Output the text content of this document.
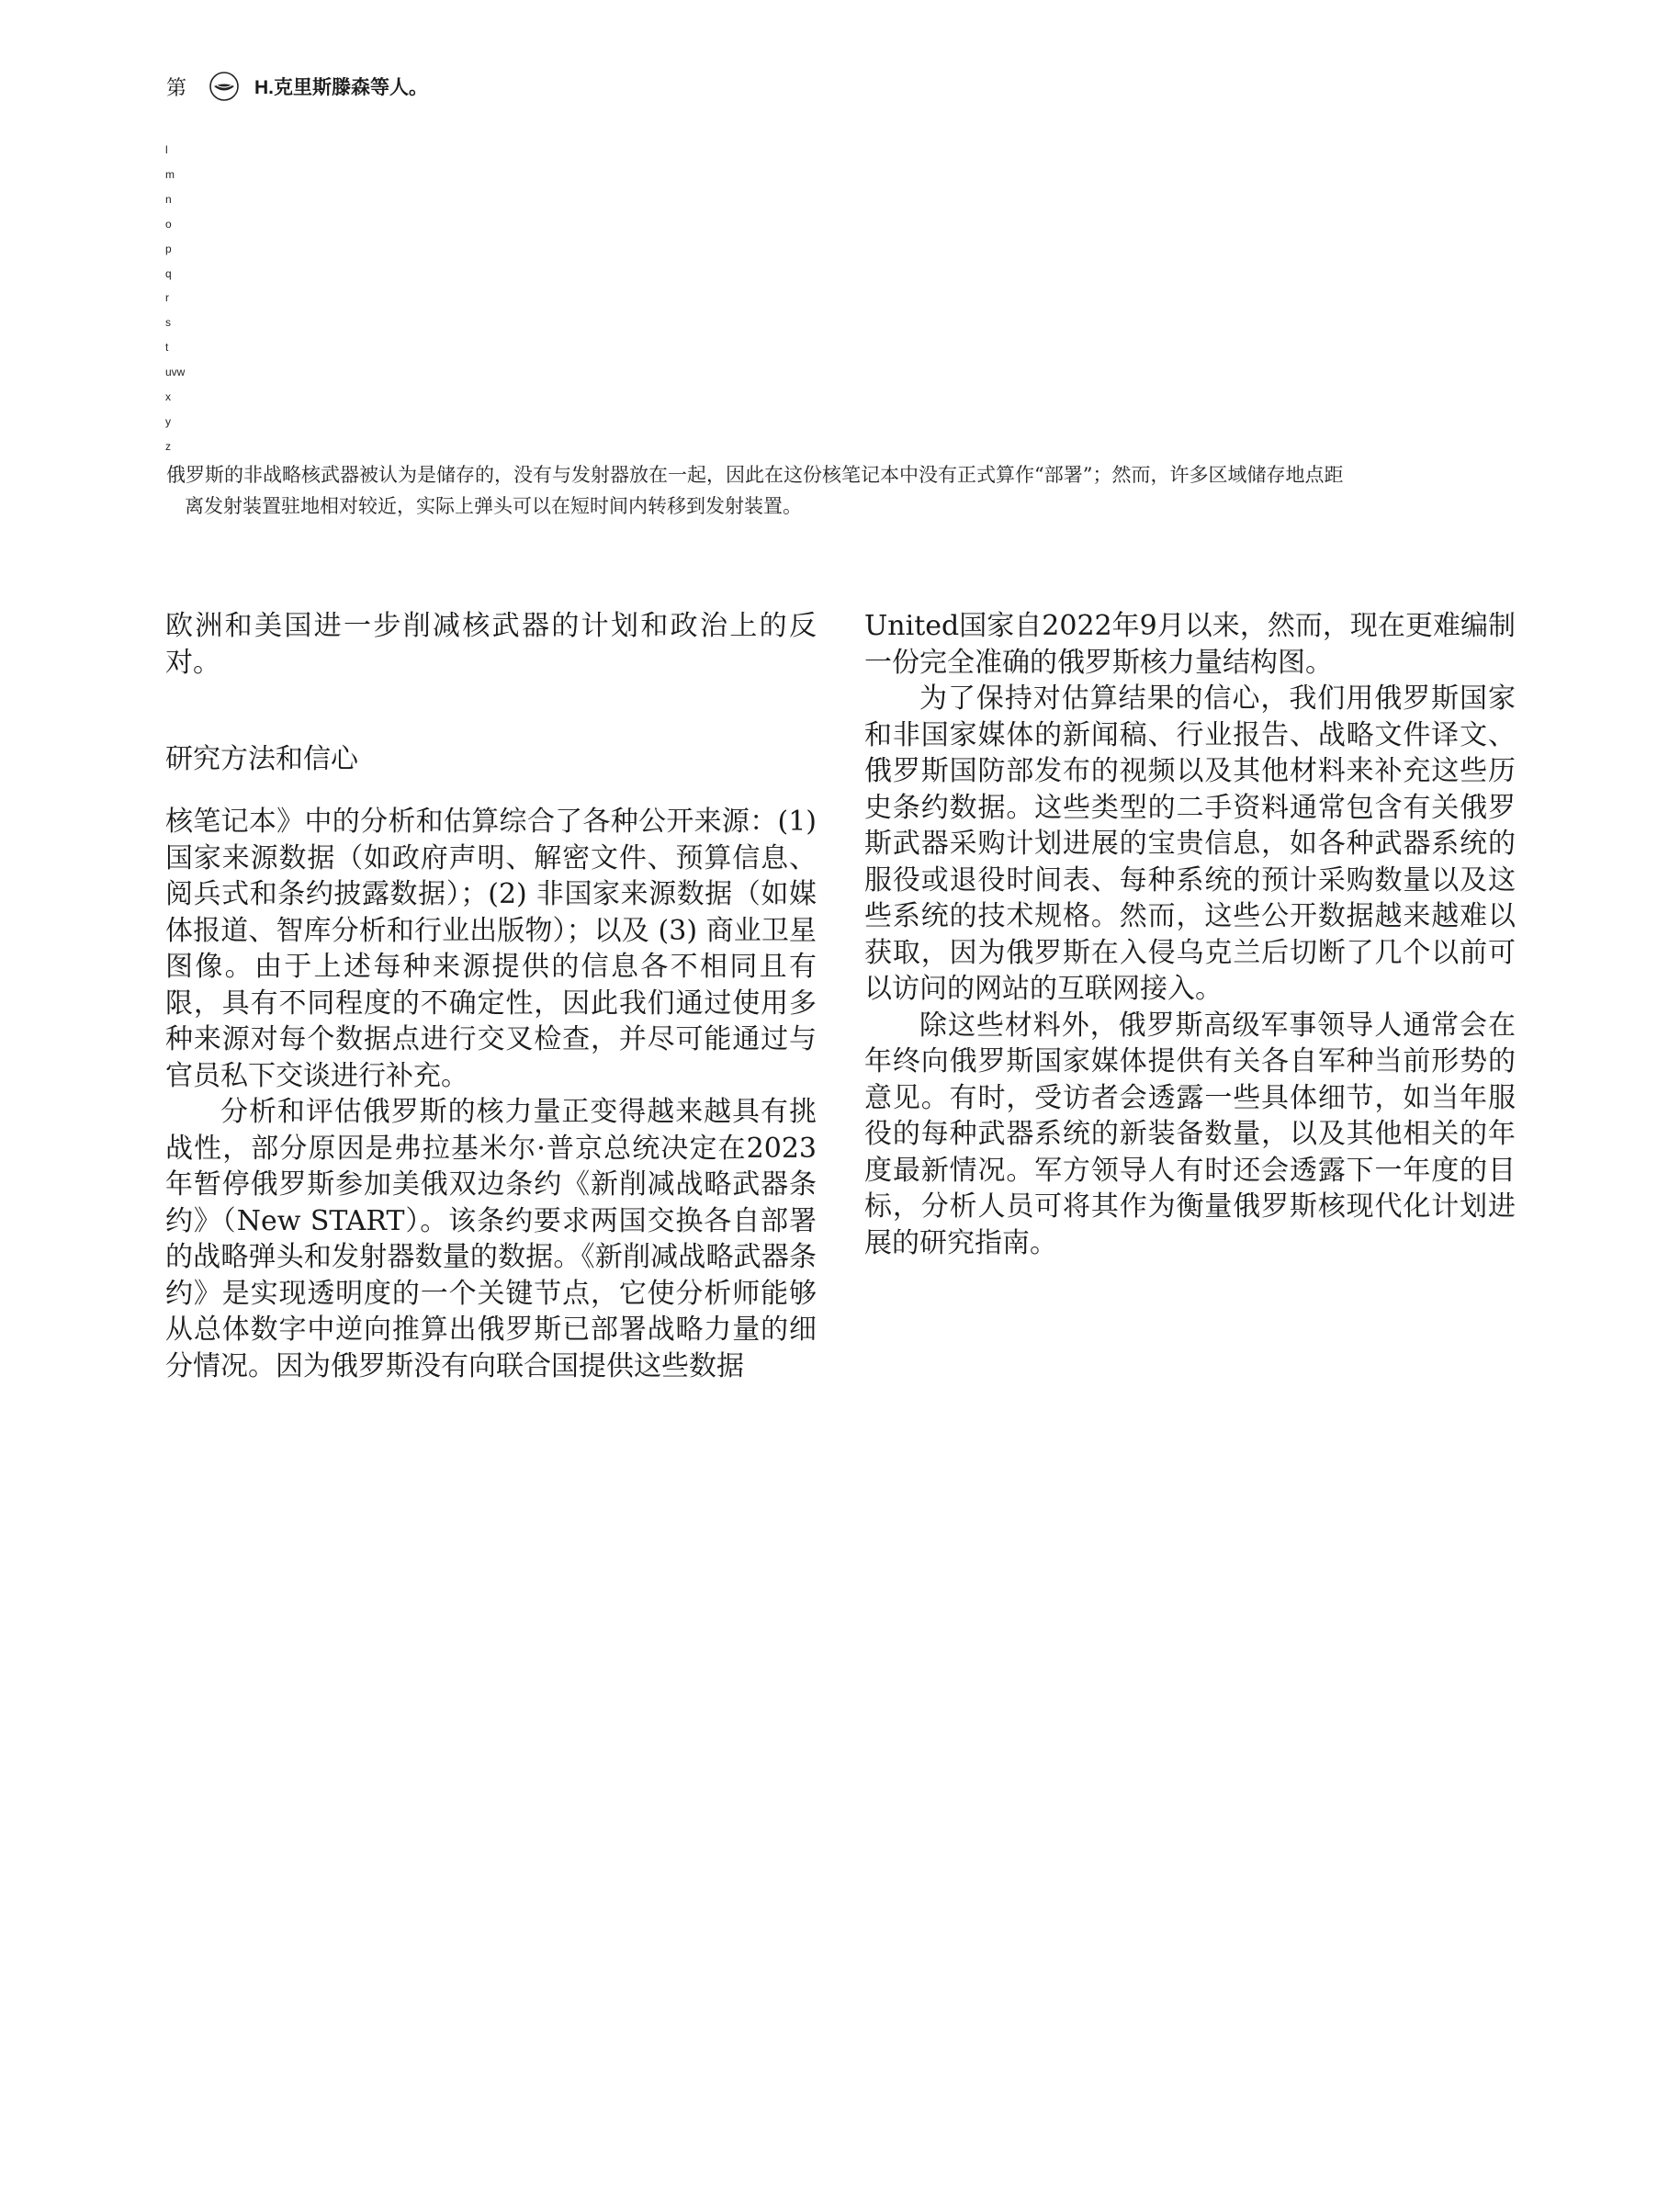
第	H.克里斯滕森等人。
l
m
n
o
p
q
r
s
t
uvw
x
y
z
俄罗斯的非战略核武器被认为是储存的，没有与发射器放在一起，因此在这份核笔记本中没有正式算作“部署”；然而，许多区域储存地点距
离发射装置驻地相对较近，实际上弹头可以在短时间内转移到发射装置。

欧洲和美国进一步削减核武器的计划和政治上的反对。

研究方法和信心

核笔记本》中的分析和估算综合了各种公开来源：(1) 国家来源数据（如政府声明、解密文件、预算信息、阅兵式和条约披露数据）；(2) 非国家来源数据（如媒体报道、智库分析和行业出版物）；以及 (3) 商业卫星图像。由于上述每种来源提供的信息各不相同且有限，具有不同程度的不确定性，因此我们通过使用多种来源对每个数据点进行交叉检查，并尽可能通过与官员私下交谈进行补充。

分析和评估俄罗斯的核力量正变得越来越具有挑战性，部分原因是弗拉基米尔·普京总统决定在2023年暂停俄罗斯参加美俄双边条约《新削减战略武器条约》（New START）。该条约要求两国交换各自部署的战略弹头和发射器数量的数据。《新削减战略武器条约》是实现透明度的一个关键节点，它使分析师能够从总体数字中逆向推算出俄罗斯已部署战略力量的细分情况。因为俄罗斯没有向联合国提供这些数据

United国家自2022年9月以来，然而，现在更难编制一份完全准确的俄罗斯核力量结构图。

为了保持对估算结果的信心，我们用俄罗斯国家和非国家媒体的新闻稿、行业报告、战略文件译文、俄罗斯国防部发布的视频以及其他材料来补充这些历史条约数据。这些类型的二手资料通常包含有关俄罗斯武器采购计划进展的宝贵信息，如各种武器系统的服役或退役时间表、每种系统的预计采购数量以及这些系统的技术规格。然而，这些公开数据越来越难以获取，因为俄罗斯在入侵乌克兰后切断了几个以前可以访问的网站的互联网接入。

除这些材料外，俄罗斯高级军事领导人通常会在年终向俄罗斯国家媒体提供有关各自军种当前形势的意见。有时，受访者会透露一些具体细节，如当年服役的每种武器系统的新装备数量，以及其他相关的年度最新情况。军方领导人有时还会透露下一年度的目标，分析人员可将其作为衡量俄罗斯核现代化计划进展的研究指南。
